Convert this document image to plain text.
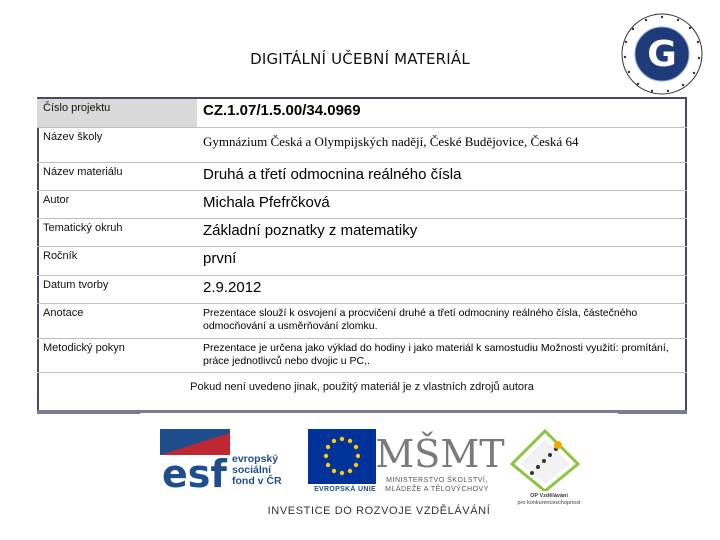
DIGITÁLNÍ UČEBNÍ MATERIÁL	G
Číslo projektu	CZ.1.07/1.5.00/34.0969
Název školy	Gymnázium Česká a Olympijských nadějí, České Budějovice, Česká 64
Název materiálu	Druhá a třetí odmocnina reálného čísla
Autor	Michala Pfefrčková
Tematický okruh	Základní poznatky z matematiky
Ročník	první
Datum tvorby	2.9.2012
Anotace	Prezentace slouží k osvojení a procvičení druhé a třetí odmocniny reálného čísla, částečného odmocňování a usměrňování zlomku.
Metodický pokyn	Prezentace je určena jako výklad do hodiny i jako materiál k samostudiu Možnosti využití: promítání, práce jednotlivců nebo dvojic u PC,.
Pokud není uvedeno jinak, použitý materiál je z vlastních zdrojů autora
esf evropský
sociální
fond v ČR
EVROPSKÁ UNIE
MŠMT
MINISTERSTVO ŠKOLSTVÍ,
MLÁDEŽE A TĚLOVÝCHOVY
OP Vzdělávání
pro konkurenceschopnost
INVESTICE DO ROZVOJE VZDĚLÁVÁNÍ
